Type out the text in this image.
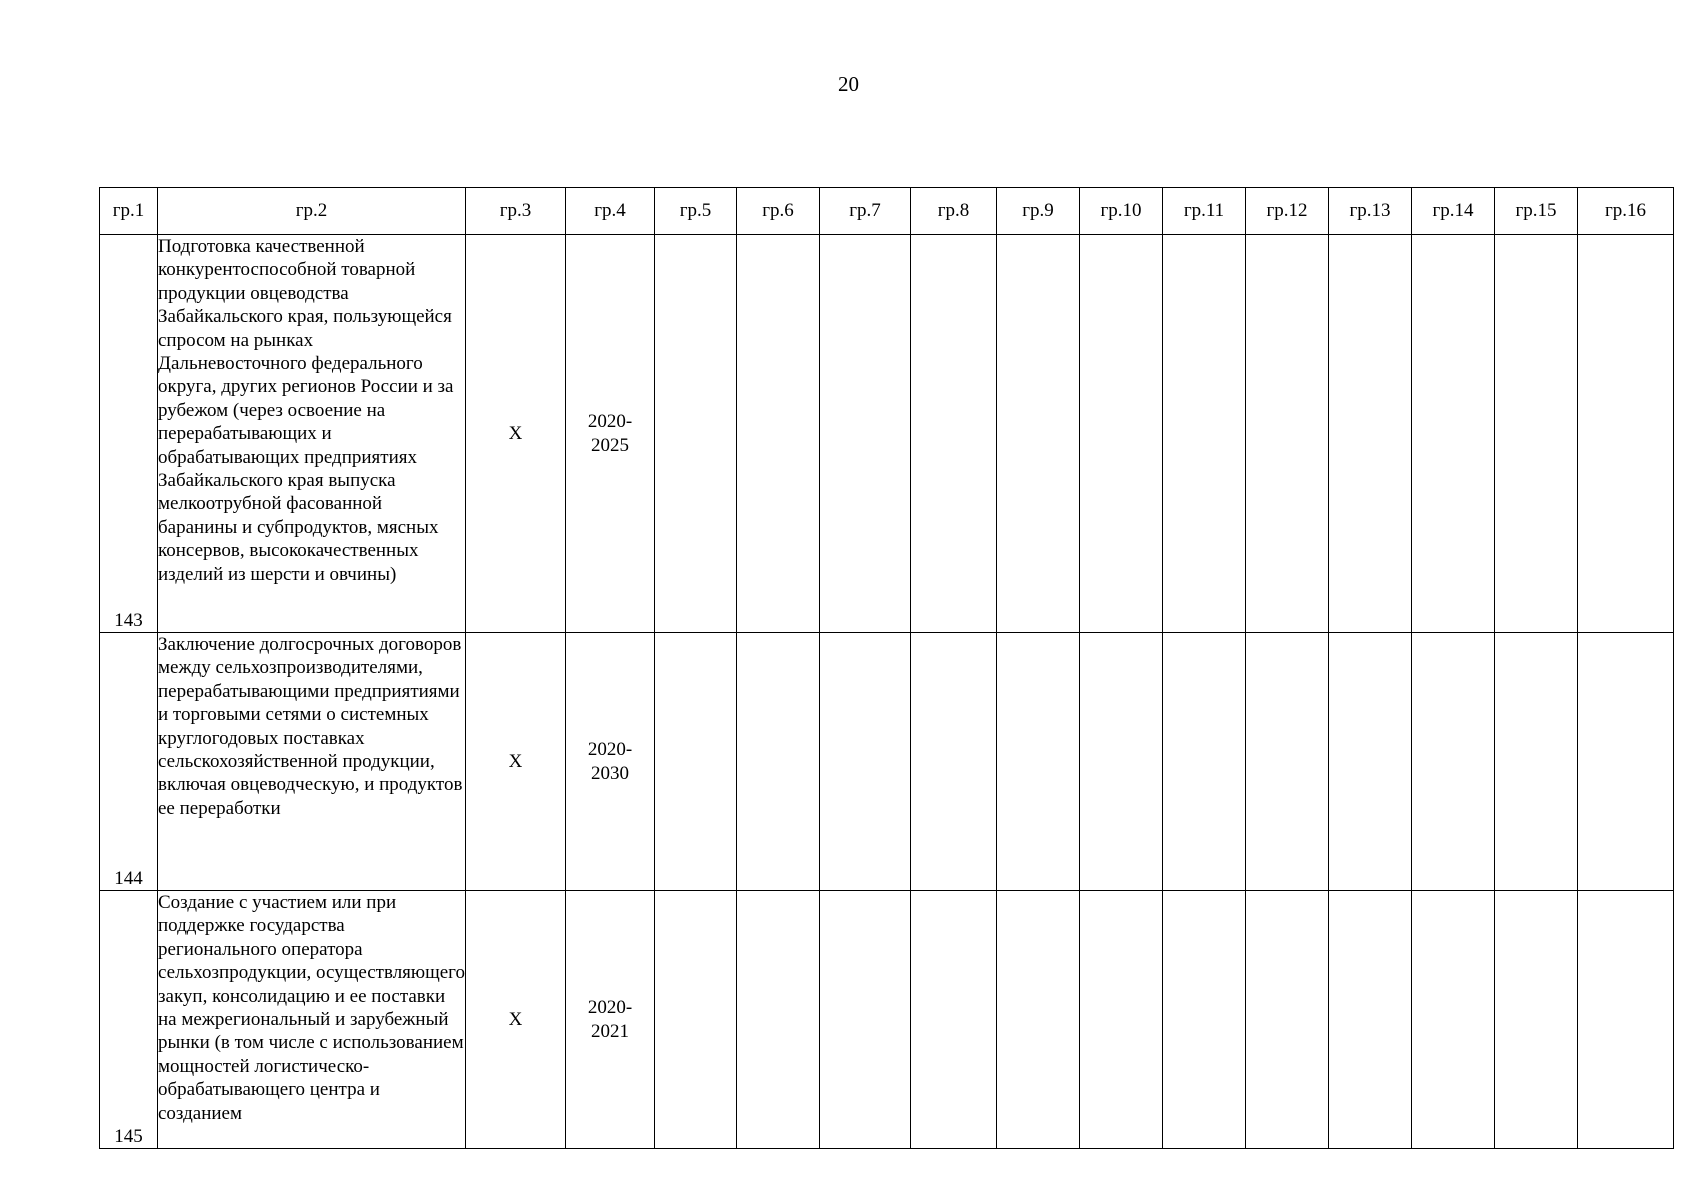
20
гр.1	гр.2	гр.3	гр.4	гр.5	гр.6	гр.7	гр.8	гр.9	гр.10	гр.11	гр.12	гр.13	гр.14	гр.15	гр.16
143	Подготовка качественной конкурентоспособной товарной продукции овцеводства Забайкальского края, пользующейся спросом на рынках Дальневосточного федерального округа, других регионов России и за рубежом (через освоение на перерабатывающих и обрабатывающих предприятиях Забайкальского края выпуска мелкоотрубной фасованной баранины и субпродуктов, мясных консервов, высококачественных изделий из шерсти и овчины)	X	2020-
2025												

144	Заключение долгосрочных договоров между сельхозпроизводителями, перерабатывающими предприятиями и торговыми сетями о системных круглогодовых поставках сельскохозяйственной продукции, включая овцеводческую, и продуктов ее переработки	X	2020-
2030												

145	Создание с участием или при поддержке государства регионального оператора сельхозпродукции, осуществляющего закуп, консолидацию и ее поставки на межрегиональный и зарубежный рынки (в том числе с использованием мощностей логистическо-обрабатывающего центра и созданием	X	2020-
2021												
